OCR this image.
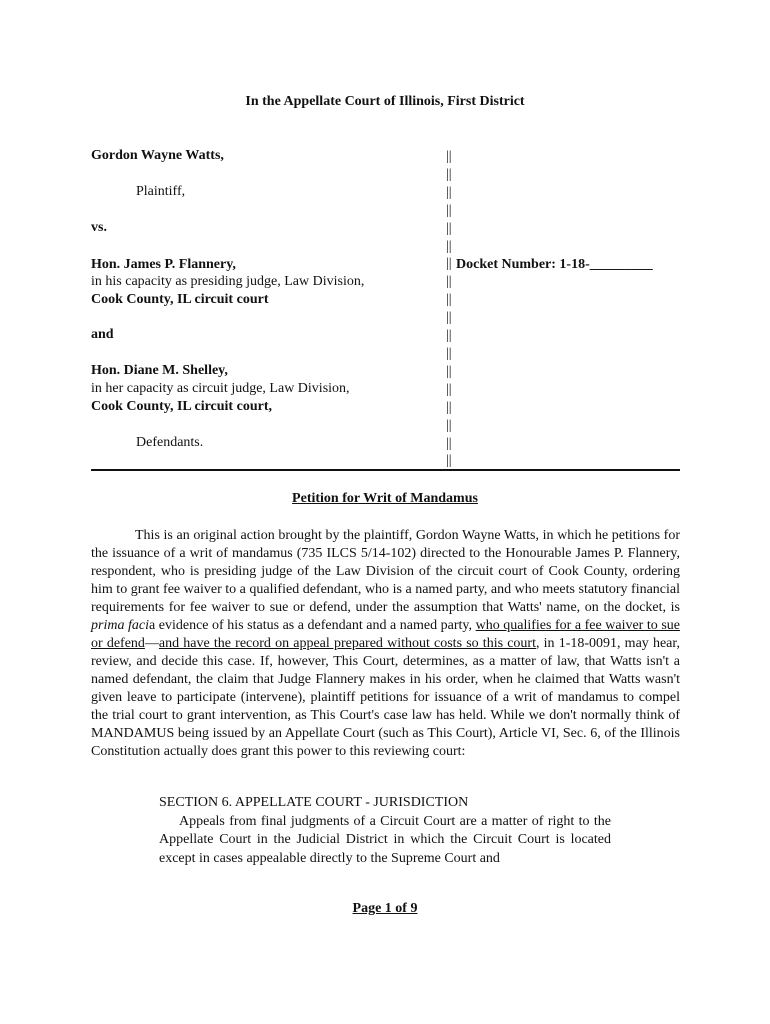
In the Appellate Court of Illinois, First District
Gordon Wayne Watts,
Plaintiff,
vs.
Hon. James P. Flannery,
in his capacity as presiding judge, Law Division,
Cook County, IL circuit court
and
Hon. Diane M. Shelley,
in her capacity as circuit judge, Law Division,
Cook County, IL circuit court,
Defendants.
||
||
||
||
||
||
||
||
||
||
||
||
||
||
||
||
||
||
Docket Number: 1-18-_________
Petition for Writ of Mandamus

This is an original action brought by the plaintiff, Gordon Wayne Watts, in which he petitions for the issuance of a writ of mandamus (735 ILCS 5/14-102) directed to the Honourable James P. Flannery, respondent, who is presiding judge of the Law Division of the circuit court of Cook County, ordering him to grant fee waiver to a qualified defendant, who is a named party, and who meets statutory financial requirements for fee waiver to sue or defend, under the assumption that Watts' name, on the docket, is prima facia evidence of his status as a defendant and a named party, who qualifies for a fee waiver to sue or defend—and have the record on appeal prepared without costs so this court, in 1-18-0091, may hear, review, and decide this case. If, however, This Court, determines, as a matter of law, that Watts isn't a named defendant, the claim that Judge Flannery makes in his order, when he claimed that Watts wasn't given leave to participate (intervene), plaintiff petitions for issuance of a writ of mandamus to compel the trial court to grant intervention, as This Court's case law has held. While we don't normally think of MANDAMUS being issued by an Appellate Court (such as This Court), Article VI, Sec. 6, of the Illinois Constitution actually does grant this power to this reviewing court:

SECTION 6. APPELLATE COURT - JURISDICTION
Appeals from final judgments of a Circuit Court are a matter of right to the Appellate Court in the Judicial District in which the Circuit Court is located except in cases appealable directly to the Supreme Court and
Page 1 of 9
